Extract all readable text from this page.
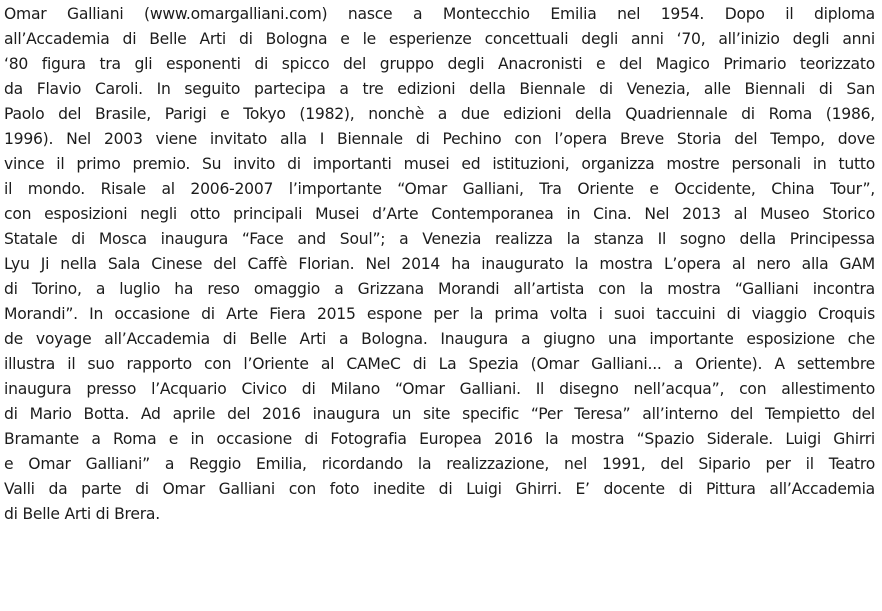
Omar Galliani (www.omargalliani.com) nasce a Montecchio Emilia nel 1954. Dopo il diploma
all’Accademia di Belle Arti di Bologna e le esperienze concettuali degli anni ‘70, all’inizio degli anni
‘80 figura tra gli esponenti di spicco del gruppo degli Anacronisti e del Magico Primario teorizzato
da Flavio Caroli. In seguito partecipa a tre edizioni della Biennale di Venezia, alle Biennali di San
Paolo del Brasile, Parigi e Tokyo (1982), nonchè a due edizioni della Quadriennale di Roma (1986,
1996). Nel 2003 viene invitato alla I Biennale di Pechino con l’opera Breve Storia del Tempo, dove
vince il primo premio. Su invito di importanti musei ed istituzioni, organizza mostre personali in tutto
il mondo. Risale al 2006-2007 l’importante “Omar Galliani, Tra Oriente e Occidente, China Tour”,
con esposizioni negli otto principali Musei d’Arte Contemporanea in Cina. Nel 2013 al Museo Storico
Statale di Mosca inaugura “Face and Soul”; a Venezia realizza la stanza Il sogno della Principessa
Lyu Ji nella Sala Cinese del Caffè Florian. Nel 2014 ha inaugurato la mostra L’opera al nero alla GAM
di Torino, a luglio ha reso omaggio a Grizzana Morandi all’artista con la mostra “Galliani incontra
Morandi”. In occasione di Arte Fiera 2015 espone per la prima volta i suoi taccuini di viaggio Croquis
de voyage all’Accademia di Belle Arti a Bologna. Inaugura a giugno una importante esposizione che
illustra il suo rapporto con l’Oriente al CAMeC di La Spezia (Omar Galliani... a Oriente). A settembre
inaugura presso l’Acquario Civico di Milano “Omar Galliani. Il disegno nell’acqua”, con allestimento
di Mario Botta. Ad aprile del 2016 inaugura un site specific “Per Teresa” all’interno del Tempietto del
Bramante a Roma e in occasione di Fotografia Europea 2016 la mostra “Spazio Siderale. Luigi Ghirri
e Omar Galliani” a Reggio Emilia, ricordando la realizzazione, nel 1991, del Sipario per il Teatro
Valli da parte di Omar Galliani con foto inedite di Luigi Ghirri. E’ docente di Pittura all’Accademia
di Belle Arti di Brera.
